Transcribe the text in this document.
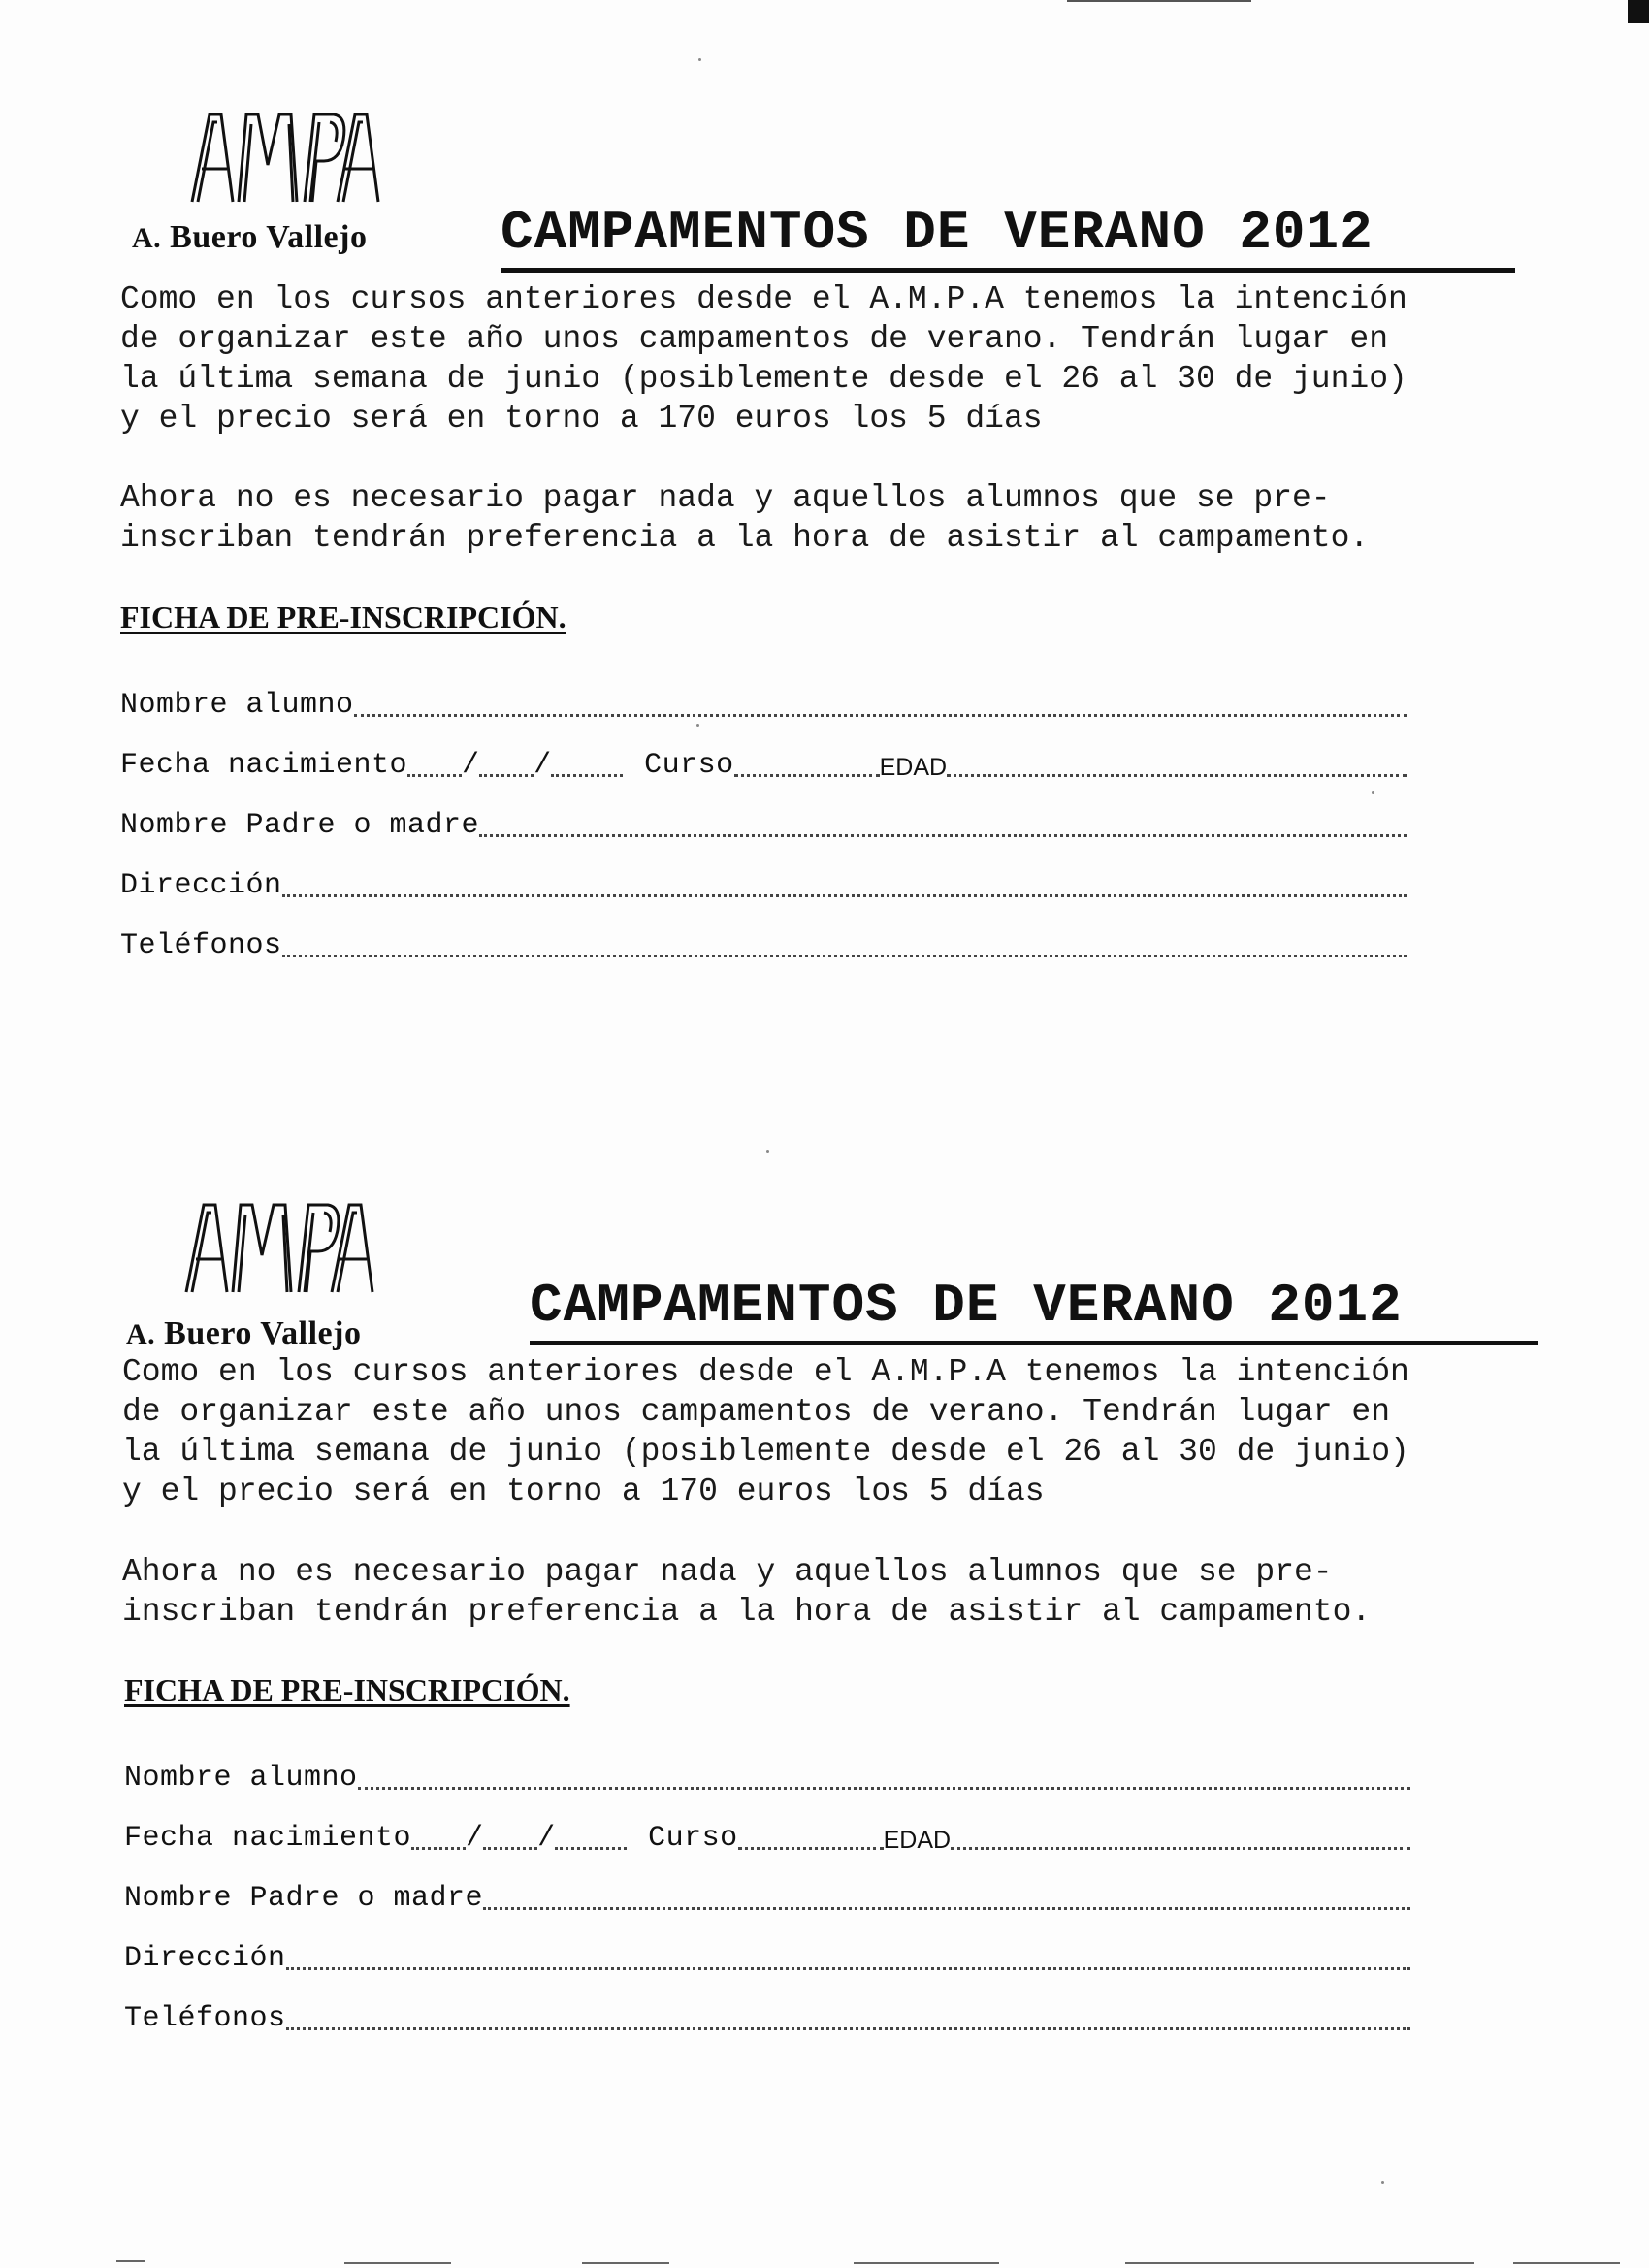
AMPA
A. Buero Vallejo CAMPAMENTOS DE VERANO 2012

Como en los cursos anteriores desde el A.M.P.A tenemos la intención
de organizar este año unos campamentos de verano. Tendrán lugar en
la última semana de junio (posiblemente desde el 26 al 30 de junio)
y el precio será en torno a 170 euros los 5 días

Ahora no es necesario pagar nada y aquellos alumnos que se pre-
inscriban tendrán preferencia a la hora de asistir al campamento.

FICHA DE PRE-INSCRIPCIÓN.
Nombre alumno
Fecha nacimiento / /	Curso	EDAD
Nombre Padre o madre
Dirección
Teléfonos
AMPA
A. Buero Vallejo	CAMPAMENTOS DE VERANO 2012

Como en los cursos anteriores desde el A.M.P.A tenemos la intención
de organizar este año unos campamentos de verano. Tendrán lugar en
la última semana de junio (posiblemente desde el 26 al 30 de junio)
y el precio será en torno a 170 euros los 5 días

Ahora no es necesario pagar nada y aquellos alumnos que se pre-
inscriban tendrán preferencia a la hora de asistir al campamento.

FICHA DE PRE-INSCRIPCIÓN.
Nombre alumno
Fecha nacimiento / /	Curso	EDAD
Nombre Padre o madre
Dirección
Teléfonos
